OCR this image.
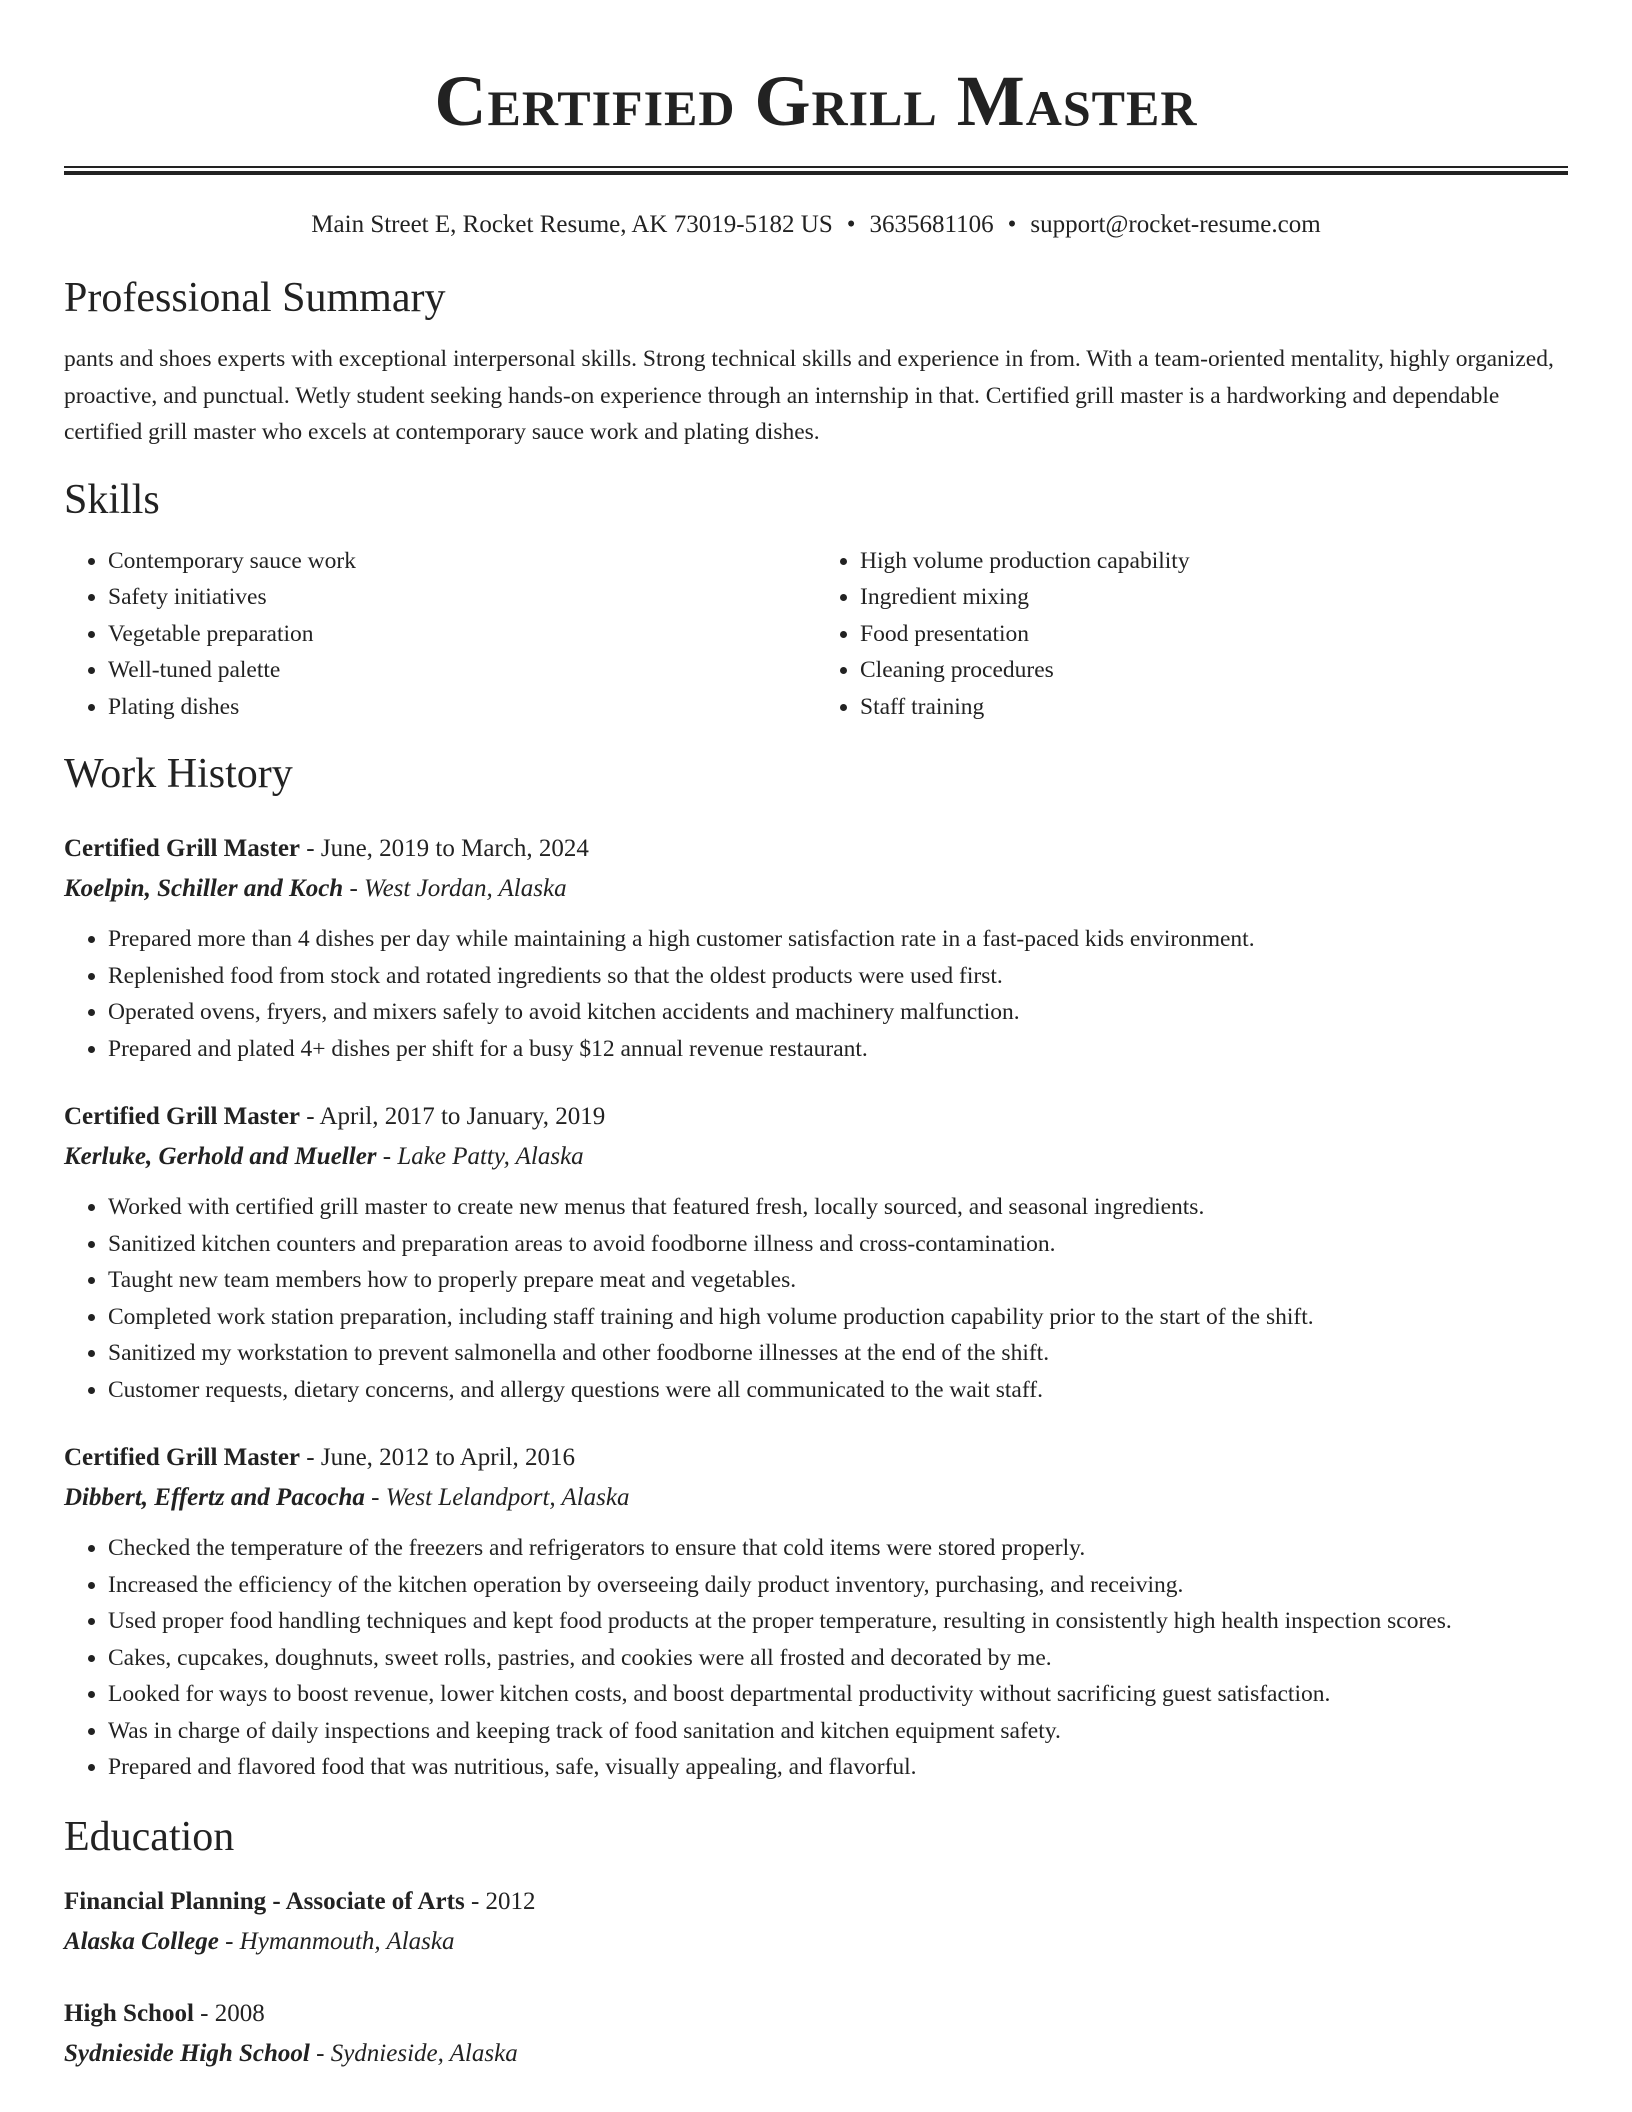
Certified Grill Master
Main Street E, Rocket Resume, AK 73019-5182 US • 3635681106 • support@rocket-resume.com
Professional Summary

pants and shoes experts with exceptional interpersonal skills. Strong technical skills and experience in from. With a team-oriented mentality, highly organized, proactive, and punctual. Wetly student seeking hands-on experience through an internship in that. Certified grill master is a hardworking and dependable certified grill master who excels at contemporary sauce work and plating dishes.

Skills
• Contemporary sauce work
• Safety initiatives
• Vegetable preparation
• Well-tuned palette
• Plating dishes
• High volume production capability
• Ingredient mixing
• Food presentation
• Cleaning procedures
• Staff training
Work History
Certified Grill Master - June, 2019 to March, 2024
Koelpin, Schiller and Koch - West Jordan, Alaska
• Prepared more than 4 dishes per day while maintaining a high customer satisfaction rate in a fast-paced kids environment.
• Replenished food from stock and rotated ingredients so that the oldest products were used first.
• Operated ovens, fryers, and mixers safely to avoid kitchen accidents and machinery malfunction.
• Prepared and plated 4+ dishes per shift for a busy $12 annual revenue restaurant.
Certified Grill Master - April, 2017 to January, 2019
Kerluke, Gerhold and Mueller - Lake Patty, Alaska
• Worked with certified grill master to create new menus that featured fresh, locally sourced, and seasonal ingredients.
• Sanitized kitchen counters and preparation areas to avoid foodborne illness and cross-contamination.
• Taught new team members how to properly prepare meat and vegetables.
• Completed work station preparation, including staff training and high volume production capability prior to the start of the shift.
• Sanitized my workstation to prevent salmonella and other foodborne illnesses at the end of the shift.
• Customer requests, dietary concerns, and allergy questions were all communicated to the wait staff.
Certified Grill Master - June, 2012 to April, 2016
Dibbert, Effertz and Pacocha - West Lelandport, Alaska
• Checked the temperature of the freezers and refrigerators to ensure that cold items were stored properly.
• Increased the efficiency of the kitchen operation by overseeing daily product inventory, purchasing, and receiving.
• Used proper food handling techniques and kept food products at the proper temperature, resulting in consistently high health inspection scores.
• Cakes, cupcakes, doughnuts, sweet rolls, pastries, and cookies were all frosted and decorated by me.
• Looked for ways to boost revenue, lower kitchen costs, and boost departmental productivity without sacrificing guest satisfaction.
• Was in charge of daily inspections and keeping track of food sanitation and kitchen equipment safety.
• Prepared and flavored food that was nutritious, safe, visually appealing, and flavorful.
Education
Financial Planning - Associate of Arts - 2012
Alaska College - Hymanmouth, Alaska
High School - 2008
Sydnieside High School - Sydnieside, Alaska
